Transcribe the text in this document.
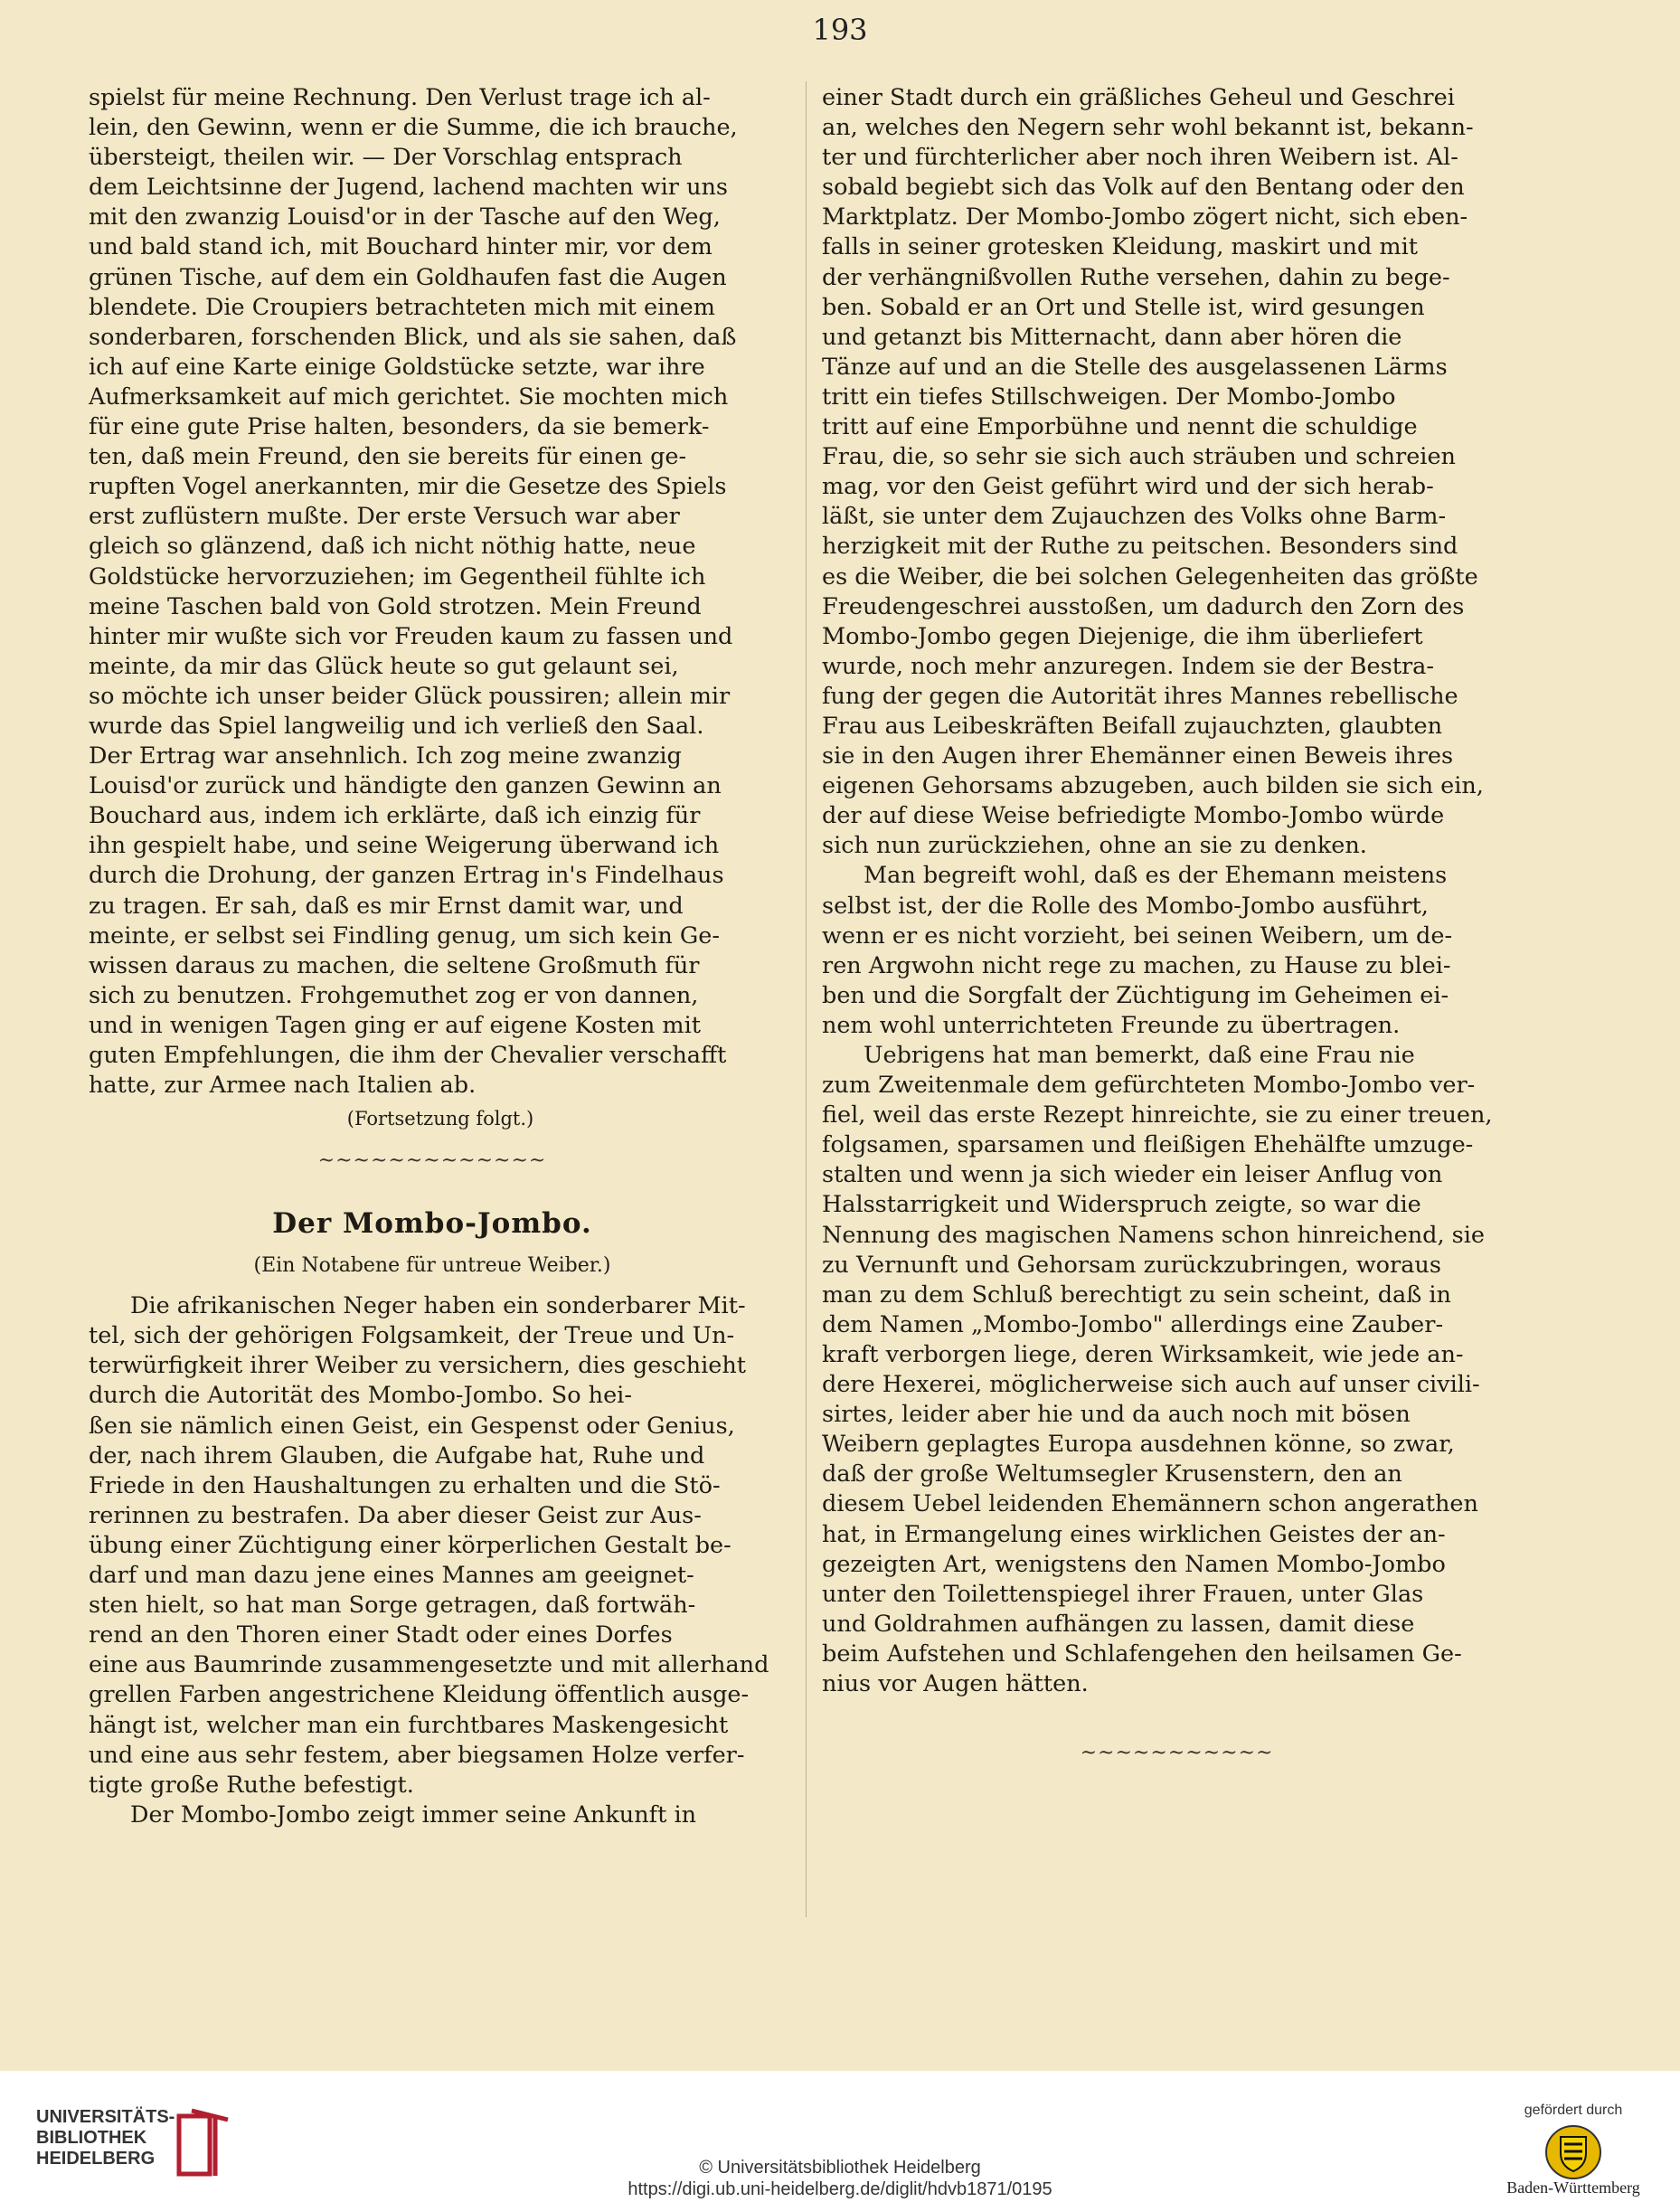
193
spielst für meine Rechnung. Den Verlust trage ich al-
lein, den Gewinn, wenn er die Summe, die ich brauche,
übersteigt, theilen wir. — Der Vorschlag entsprach
dem Leichtsinne der Jugend, lachend machten wir uns
mit den zwanzig Louisd'or in der Tasche auf den Weg,
und bald stand ich, mit Bouchard hinter mir, vor dem
grünen Tische, auf dem ein Goldhaufen fast die Augen
blendete. Die Croupiers betrachteten mich mit einem
sonderbaren, forschenden Blick, und als sie sahen, daß
ich auf eine Karte einige Goldstücke setzte, war ihre
Aufmerksamkeit auf mich gerichtet. Sie mochten mich
für eine gute Prise halten, besonders, da sie bemerk-
ten, daß mein Freund, den sie bereits für einen ge-
rupften Vogel anerkannten, mir die Gesetze des Spiels
erst zuflüstern mußte. Der erste Versuch war aber
gleich so glänzend, daß ich nicht nöthig hatte, neue
Goldstücke hervorzuziehen; im Gegentheil fühlte ich
meine Taschen bald von Gold strotzen. Mein Freund
hinter mir wußte sich vor Freuden kaum zu fassen und
meinte, da mir das Glück heute so gut gelaunt sei,
so möchte ich unser beider Glück poussiren; allein mir
wurde das Spiel langweilig und ich verließ den Saal.
Der Ertrag war ansehnlich. Ich zog meine zwanzig
Louisd'or zurück und händigte den ganzen Gewinn an
Bouchard aus, indem ich erklärte, daß ich einzig für
ihn gespielt habe, und seine Weigerung überwand ich
durch die Drohung, der ganzen Ertrag in's Findelhaus
zu tragen. Er sah, daß es mir Ernst damit war, und
meinte, er selbst sei Findling genug, um sich kein Ge-
wissen daraus zu machen, die seltene Großmuth für
sich zu benutzen. Frohgemuthet zog er von dannen,
und in wenigen Tagen ging er auf eigene Kosten mit
guten Empfehlungen, die ihm der Chevalier verschafft
hatte, zur Armee nach Italien ab.
(Fortsetzung folgt.)
~~~~~~~~~~~~~
Der Mombo-Jombo.
(Ein Notabene für untreue Weiber.)
Die afrikanischen Neger haben ein sonderbarer Mit-
tel, sich der gehörigen Folgsamkeit, der Treue und Un-
terwürfigkeit ihrer Weiber zu versichern, dies geschieht
durch die Autorität des Mombo-Jombo. So hei-
ßen sie nämlich einen Geist, ein Gespenst oder Genius,
der, nach ihrem Glauben, die Aufgabe hat, Ruhe und
Friede in den Haushaltungen zu erhalten und die Stö-
rerinnen zu bestrafen. Da aber dieser Geist zur Aus-
übung einer Züchtigung einer körperlichen Gestalt be-
darf und man dazu jene eines Mannes am geeignet-
sten hielt, so hat man Sorge getragen, daß fortwäh-
rend an den Thoren einer Stadt oder eines Dorfes
eine aus Baumrinde zusammengesetzte und mit allerhand
grellen Farben angestrichene Kleidung öffentlich ausge-
hängt ist, welcher man ein furchtbares Maskengesicht
und eine aus sehr festem, aber biegsamen Holze verfer-
tigte große Ruthe befestigt.
Der Mombo-Jombo zeigt immer seine Ankunft in
einer Stadt durch ein gräßliches Geheul und Geschrei
an, welches den Negern sehr wohl bekannt ist, bekann-
ter und fürchterlicher aber noch ihren Weibern ist. Al-
sobald begiebt sich das Volk auf den Bentang oder den
Marktplatz. Der Mombo-Jombo zögert nicht, sich eben-
falls in seiner grotesken Kleidung, maskirt und mit
der verhängnißvollen Ruthe versehen, dahin zu bege-
ben. Sobald er an Ort und Stelle ist, wird gesungen
und getanzt bis Mitternacht, dann aber hören die
Tänze auf und an die Stelle des ausgelassenen Lärms
tritt ein tiefes Stillschweigen. Der Mombo-Jombo
tritt auf eine Emporbühne und nennt die schuldige
Frau, die, so sehr sie sich auch sträuben und schreien
mag, vor den Geist geführt wird und der sich herab-
läßt, sie unter dem Zujauchzen des Volks ohne Barm-
herzigkeit mit der Ruthe zu peitschen. Besonders sind
es die Weiber, die bei solchen Gelegenheiten das größte
Freudengeschrei ausstoßen, um dadurch den Zorn des
Mombo-Jombo gegen Diejenige, die ihm überliefert
wurde, noch mehr anzuregen. Indem sie der Bestra-
fung der gegen die Autorität ihres Mannes rebellische
Frau aus Leibeskräften Beifall zujauchzten, glaubten
sie in den Augen ihrer Ehemänner einen Beweis ihres
eigenen Gehorsams abzugeben, auch bilden sie sich ein,
der auf diese Weise befriedigte Mombo-Jombo würde
sich nun zurückziehen, ohne an sie zu denken.
Man begreift wohl, daß es der Ehemann meistens
selbst ist, der die Rolle des Mombo-Jombo ausführt,
wenn er es nicht vorzieht, bei seinen Weibern, um de-
ren Argwohn nicht rege zu machen, zu Hause zu blei-
ben und die Sorgfalt der Züchtigung im Geheimen ei-
nem wohl unterrichteten Freunde zu übertragen.
Uebrigens hat man bemerkt, daß eine Frau nie
zum Zweitenmale dem gefürchteten Mombo-Jombo ver-
fiel, weil das erste Rezept hinreichte, sie zu einer treuen,
folgsamen, sparsamen und fleißigen Ehehälfte umzuge-
stalten und wenn ja sich wieder ein leiser Anflug von
Halsstarrigkeit und Widerspruch zeigte, so war die
Nennung des magischen Namens schon hinreichend, sie
zu Vernunft und Gehorsam zurückzubringen, woraus
man zu dem Schluß berechtigt zu sein scheint, daß in
dem Namen „Mombo-Jombo" allerdings eine Zauber-
kraft verborgen liege, deren Wirksamkeit, wie jede an-
dere Hexerei, möglicherweise sich auch auf unser civili-
sirtes, leider aber hie und da auch noch mit bösen
Weibern geplagtes Europa ausdehnen könne, so zwar,
daß der große Weltumsegler Krusenstern, den an
diesem Uebel leidenden Ehemännern schon angerathen
hat, in Ermangelung eines wirklichen Geistes der an-
gezeigten Art, wenigstens den Namen Mombo-Jombo
unter den Toilettenspiegel ihrer Frauen, unter Glas
und Goldrahmen aufhängen zu lassen, damit diese
beim Aufstehen und Schlafengehen den heilsamen Ge-
nius vor Augen hätten.
~~~~~~~~~~~
UNIVERSITÄTS-
BIBLIOTHEK
HEIDELBERG	© Universitätsbibliothek Heidelberg
https://digi.ub.uni-heidelberg.de/diglit/hdvb1871/0195
gefördert durch
Baden-Württemberg
